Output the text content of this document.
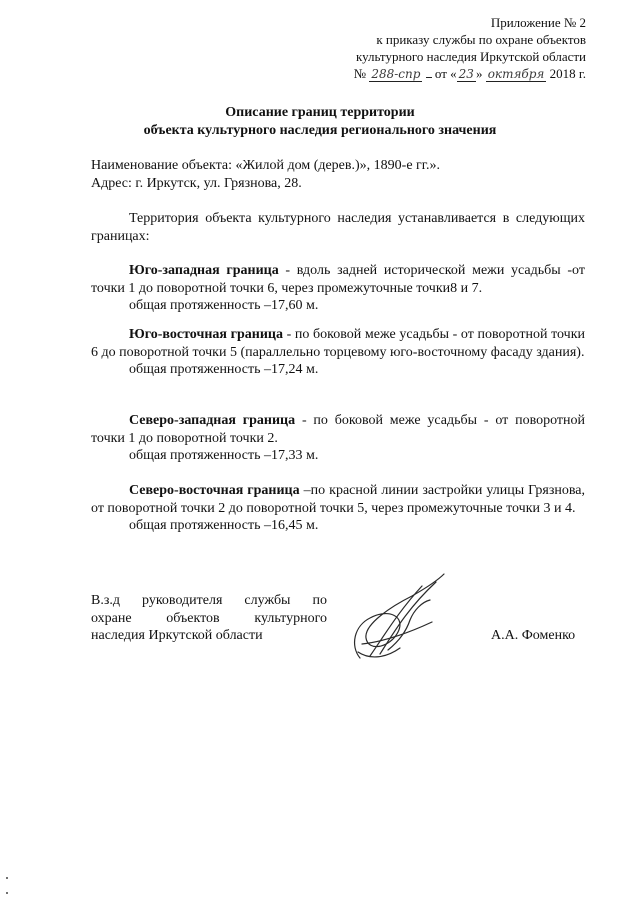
Приложение № 2
к приказу службы по охране объектов
культурного наследия Иркутской области
№ 288-спр от « 23 » октября 2018 г.
Описание границ территории
объекта культурного наследия регионального значения
Наименование объекта: «Жилой дом (дерев.)», 1890-е гг.».
Адрес: г. Иркутск, ул. Грязнова, 28.
Территория объекта культурного наследия устанавливается в следующих границах:
Юго-западная граница - вдоль задней исторической межи усадьбы -от точки 1 до поворотной точки 6, через промежуточные точки8 и 7.
общая протяженность –17,60 м.
Юго-восточная граница - по боковой меже усадьбы - от поворотной точки 6 до поворотной точки 5 (параллельно торцевому юго-восточному фасаду здания).
общая протяженность –17,24 м.
Северо-западная граница - по боковой меже усадьбы - от поворотной точки 1 до поворотной точки 2.
общая протяженность –17,33 м.
Северо-восточная граница –по красной линии застройки улицы Грязнова, от поворотной точки 2 до поворотной точки 5, через промежуточные точки 3 и 4.
общая протяженность –16,45 м.
В.з.д руководителя службы по
охране объектов культурного
наследия Иркутской области	А.А. Фоменко
